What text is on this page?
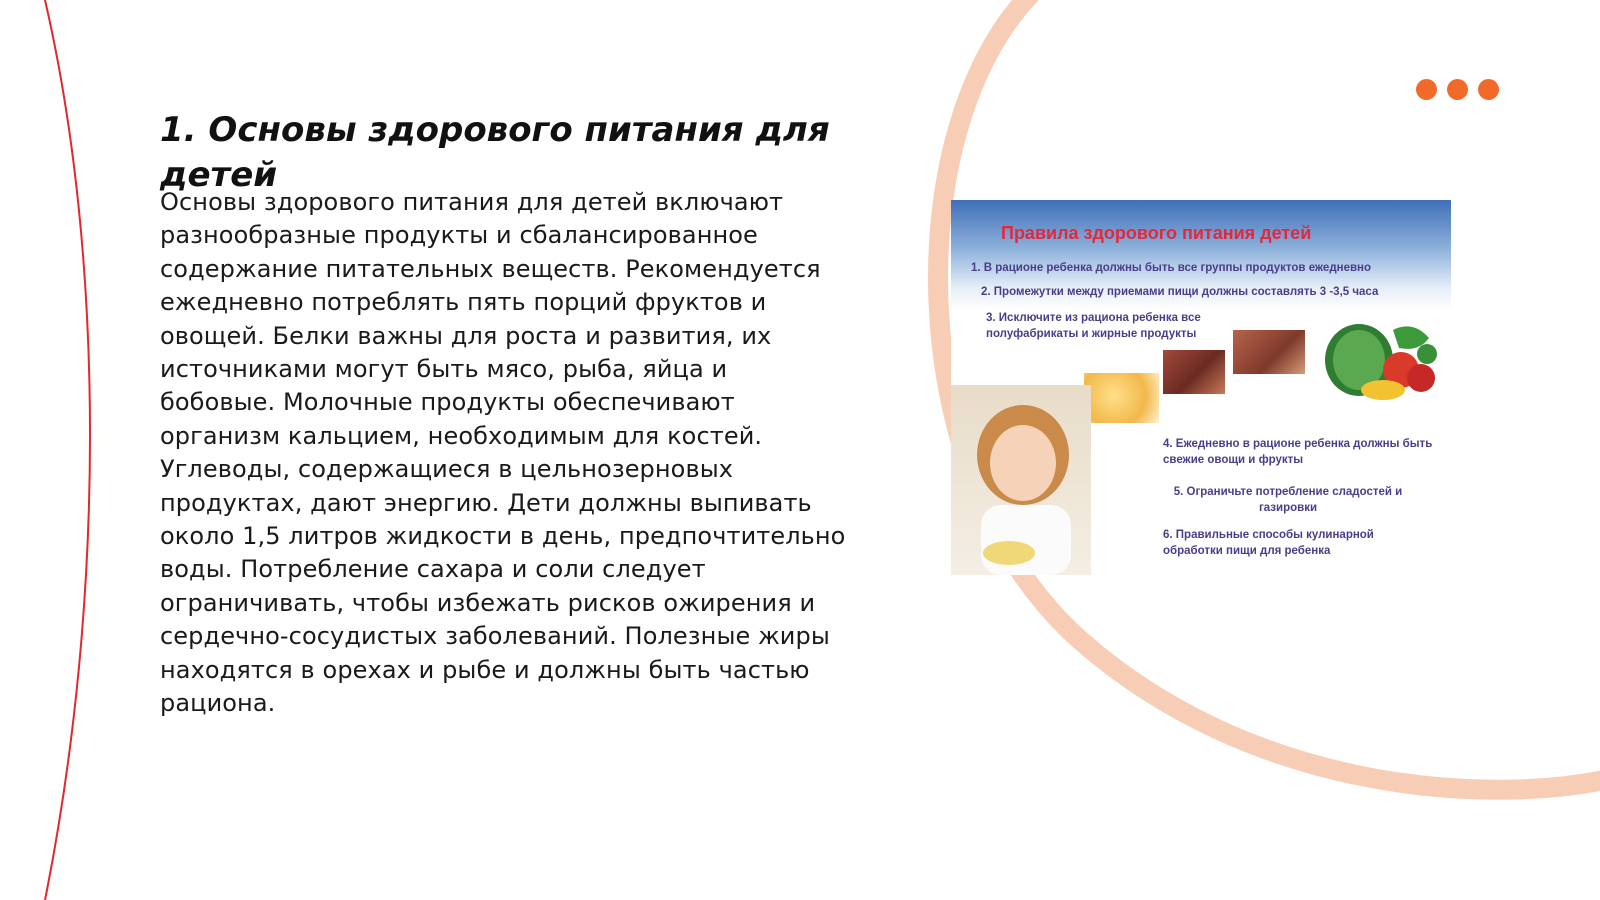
1. Основы здорового питания для детей

Основы здорового питания для детей включают разнообразные продукты и сбалансированное содержание питательных веществ. Рекомендуется ежедневно потреблять пять порций фруктов и овощей. Белки важны для роста и развития, их источниками могут быть мясо, рыба, яйца и бобовые. Молочные продукты обеспечивают организм кальцием, необходимым для костей. Углеводы, содержащиеся в цельнозерновых продуктах, дают энергию. Дети должны выпивать около 1,5 литров жидкости в день, предпочтительно воды. Потребление сахара и соли следует ограничивать, чтобы избежать рисков ожирения и сердечно-сосудистых заболеваний. Полезные жиры находятся в орехах и рыбе и должны быть частью рациона.

Правила здорового питания детей
1. В рационе ребенка должны быть все группы продуктов ежедневно
2. Промежутки между приемами пищи должны составлять 3 -3,5 часа
3. Исключите из рациона ребенка все полуфабрикаты и жирные продукты
4. Ежедневно в рационе ребенка должны быть свежие овощи и фрукты
5. Ограничьте потребление сладостей и газировки
6. Правильные способы кулинарной обработки пищи для ребенка
